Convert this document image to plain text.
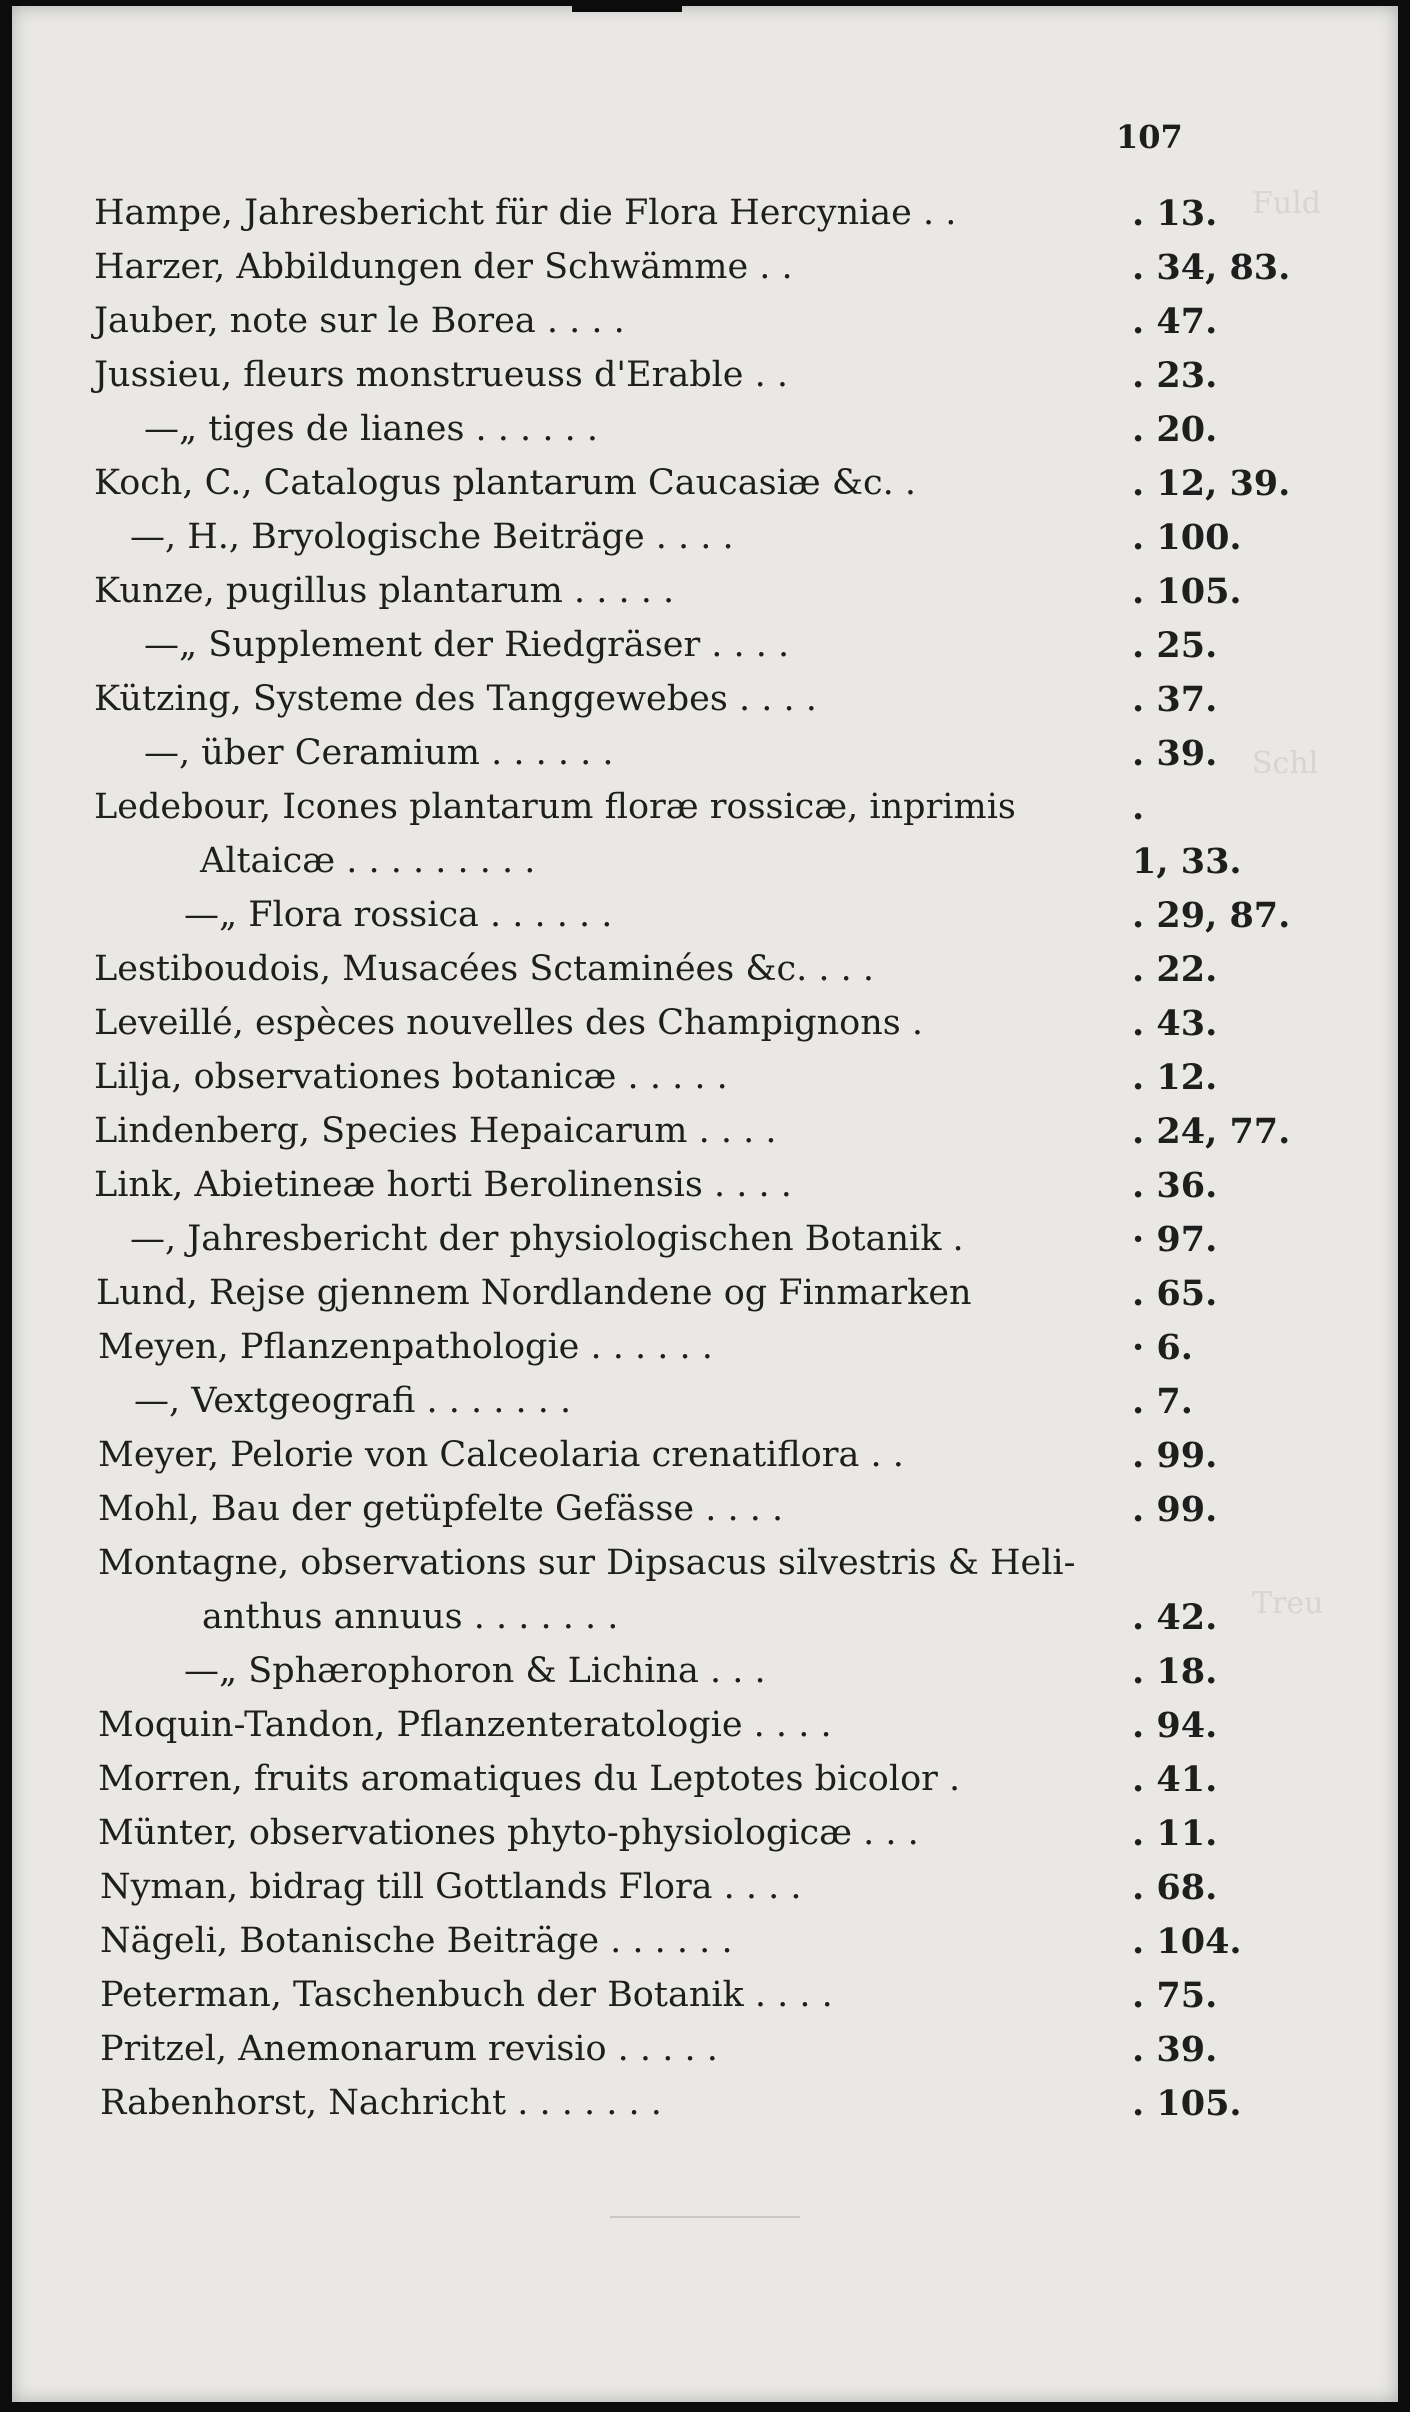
Fuld
Schl
Treu
107
Hampe, Jahresbericht für die Flora Hercyniae . .	. 13.
Harzer, Abbildungen der Schwämme . .	. 34, 83.
Jauber, note sur le Borea . . . .	. 47.
Jussieu, fleurs monstrueuss d'Erable . .	. 23.
—„ tiges de lianes . . . . . .	. 20.
Koch, C., Catalogus plantarum Caucasiæ &c. .	. 12, 39.
—, H., Bryologische Beiträge . . . .	. 100.
Kunze, pugillus plantarum . . . . .	. 105.
—„ Supplement der Riedgräser . . . .	. 25.
Kützing, Systeme des Tanggewebes . . . .	. 37.
—, über Ceramium . . . . . .	. 39.
Ledebour, Icones plantarum floræ rossicæ, inprimis	.
Altaicæ . . . . . . . . .	1, 33.
—„ Flora rossica . . . . . .	. 29, 87.
Lestiboudois, Musacées Sctaminées &c. . . .	. 22.
Leveillé, espèces nouvelles des Champignons .	. 43.
Lilja, observationes botanicæ . . . . .	. 12.
Lindenberg, Species Hepaicarum . . . .	. 24, 77.
Link, Abietineæ horti Berolinensis . . . .	. 36.
—, Jahresbericht der physiologischen Botanik .	· 97.
Lund, Rejse gjennem Nordlandene og Finmarken	. 65.
Meyen, Pflanzenpathologie . . . . . .	· 6.
—, Vextgeografi . . . . . . .	. 7.
Meyer, Pelorie von Calceolaria crenatiflora . .	. 99.
Mohl, Bau der getüpfelte Gefässe . . . .	. 99.
Montagne, observations sur Dipsacus silvestris & Heli-
anthus annuus . . . . . . .	. 42.
—„ Sphærophoron & Lichina . . .	. 18.
Moquin-Tandon, Pflanzenteratologie . . . .	. 94.
Morren, fruits aromatiques du Leptotes bicolor .	. 41.
Münter, observationes phyto-physiologicæ . . .	. 11.
Nyman, bidrag till Gottlands Flora . . . .	. 68.
Nägeli, Botanische Beiträge . . . . . .	. 104.
Peterman, Taschenbuch der Botanik . . . .	. 75.
Pritzel, Anemonarum revisio . . . . .	. 39.
Rabenhorst, Nachricht . . . . . . .	. 105.
